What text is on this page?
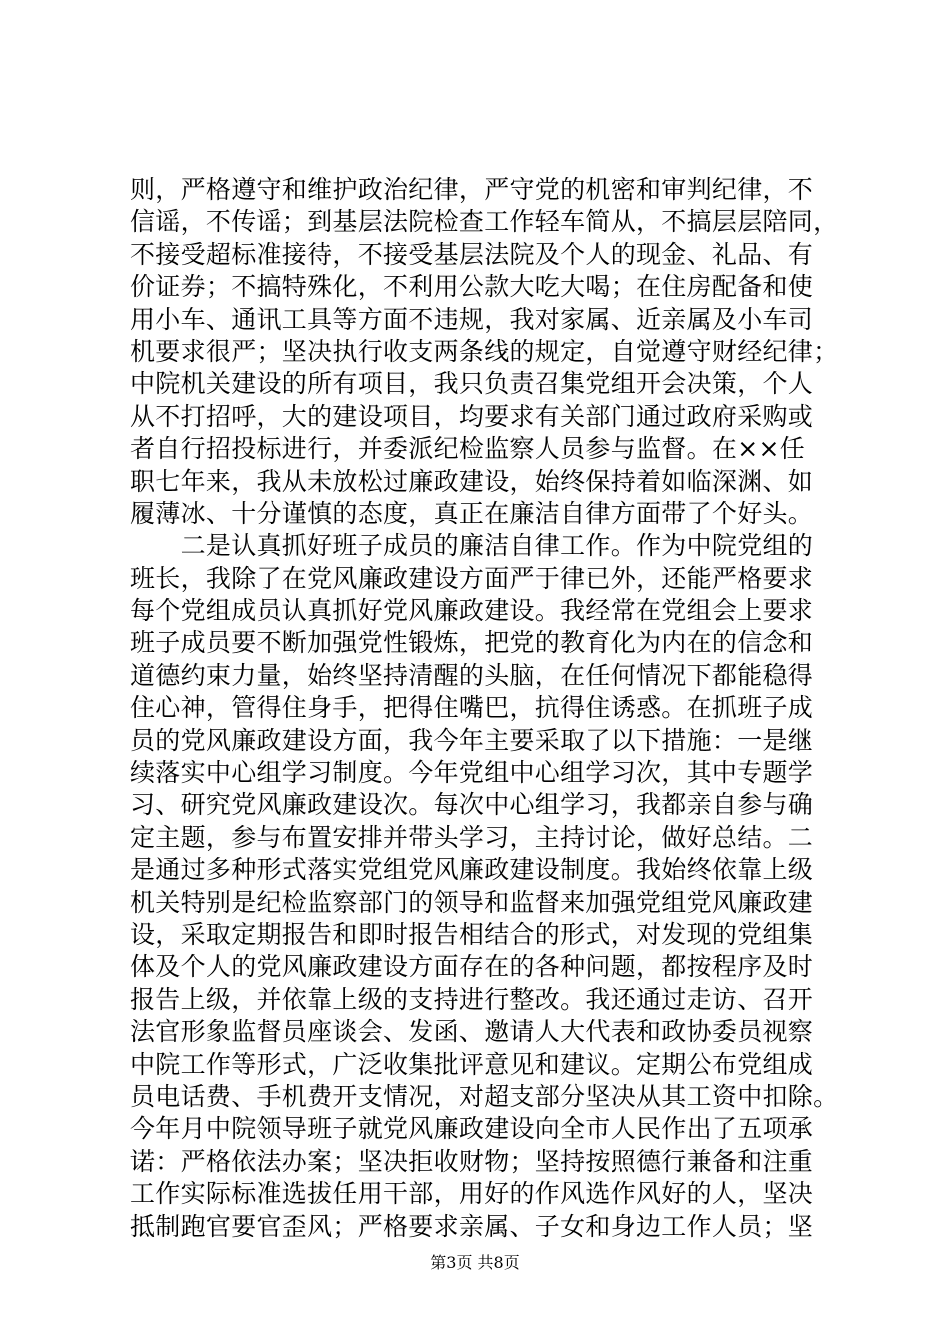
则，严格遵守和维护政治纪律，严守党的机密和审判纪律，不
信谣，不传谣；到基层法院检查工作轻车简从，不搞层层陪同，
不接受超标准接待，不接受基层法院及个人的现金、礼品、有
价证券；不搞特殊化，不利用公款大吃大喝；在住房配备和使
用小车、通讯工具等方面不违规，我对家属、近亲属及小车司
机要求很严；坚决执行收支两条线的规定，自觉遵守财经纪律；
中院机关建设的所有项目，我只负责召集党组开会决策，个人
从不打招呼，大的建设项目，均要求有关部门通过政府采购或
者自行招投标进行，并委派纪检监察人员参与监督。在××任
职七年来，我从未放松过廉政建设，始终保持着如临深渊、如
履薄冰、十分谨慎的态度，真正在廉洁自律方面带了个好头。
　　二是认真抓好班子成员的廉洁自律工作。作为中院党组的
班长，我除了在党风廉政建设方面严于律已外，还能严格要求
每个党组成员认真抓好党风廉政建设。我经常在党组会上要求
班子成员要不断加强党性锻炼，把党的教育化为内在的信念和
道德约束力量，始终坚持清醒的头脑，在任何情况下都能稳得
住心神，管得住身手，把得住嘴巴，抗得住诱惑。在抓班子成
员的党风廉政建设方面，我今年主要采取了以下措施：一是继
续落实中心组学习制度。今年党组中心组学习次，其中专题学
习、研究党风廉政建设次。每次中心组学习，我都亲自参与确
定主题，参与布置安排并带头学习，主持讨论，做好总结。二
是通过多种形式落实党组党风廉政建设制度。我始终依靠上级
机关特别是纪检监察部门的领导和监督来加强党组党风廉政建
设，采取定期报告和即时报告相结合的形式，对发现的党组集
体及个人的党风廉政建设方面存在的各种问题，都按程序及时
报告上级，并依靠上级的支持进行整改。我还通过走访、召开
法官形象监督员座谈会、发函、邀请人大代表和政协委员视察
中院工作等形式，广泛收集批评意见和建议。定期公布党组成
员电话费、手机费开支情况，对超支部分坚决从其工资中扣除。
今年月中院领导班子就党风廉政建设向全市人民作出了五项承
诺：严格依法办案；坚决拒收财物；坚持按照德行兼备和注重
工作实际标准选拔任用干部，用好的作风选作风好的人，坚决
抵制跑官要官歪风；严格要求亲属、子女和身边工作人员；坚
第3页 共8页
